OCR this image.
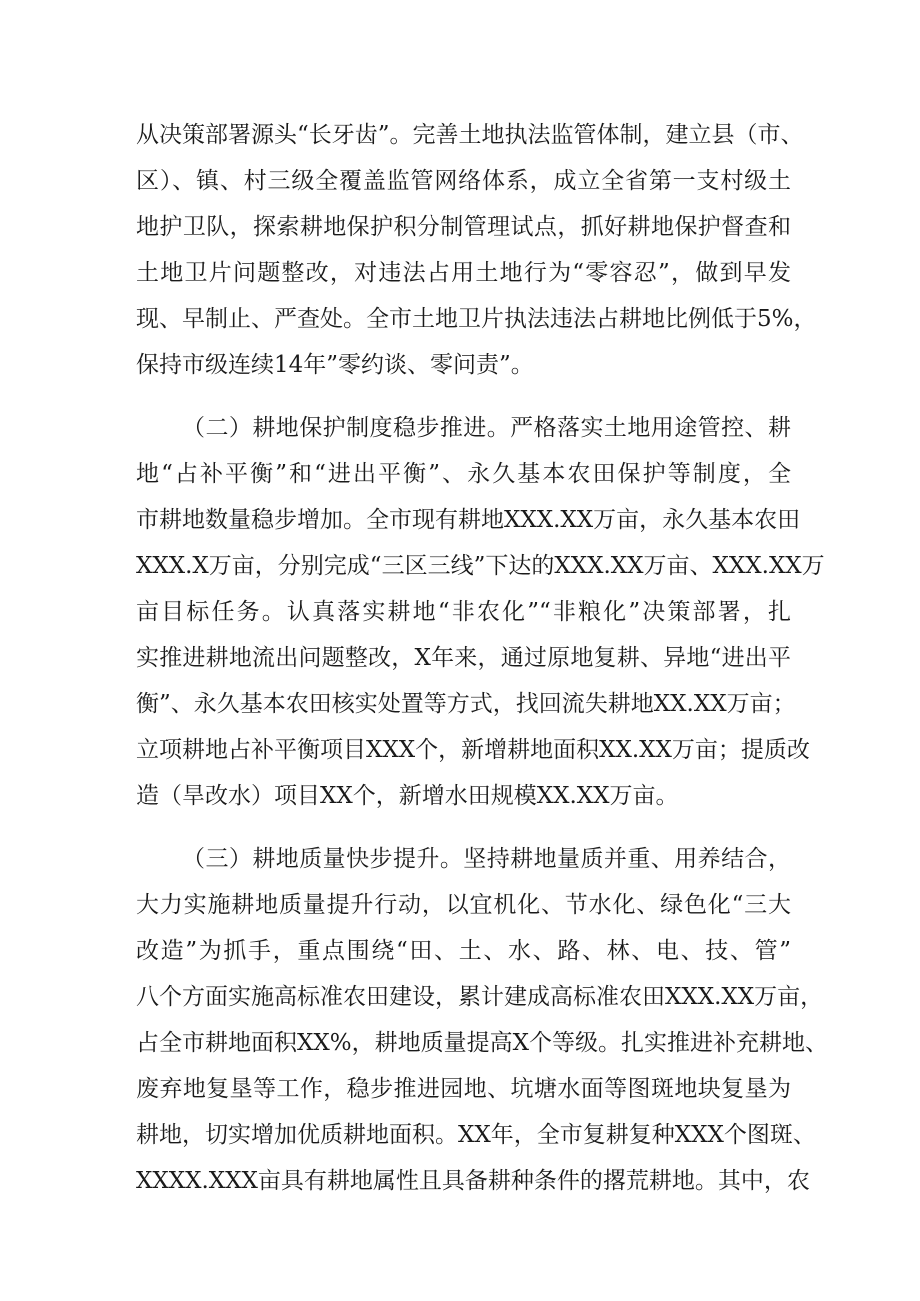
从决策部署源头“长牙齿”。完善土地执法监管体制，建立县（市、
区）、镇、村三级全覆盖监管网络体系，成立全省第一支村级土
地护卫队，探索耕地保护积分制管理试点，抓好耕地保护督查和
土地卫片问题整改，对违法占用土地行为“零容忍”，做到早发
现、早制止、严查处。全市土地卫片执法违法占耕地比例低于5%，
保持市级连续14年”零约谈、零问责”。
（二）耕地保护制度稳步推进。严格落实土地用途管控、耕
地“占补平衡”和“进出平衡”、永久基本农田保护等制度，全
市耕地数量稳步增加。全市现有耕地XXX.XX万亩，永久基本农田
XXX.X万亩，分别完成“三区三线”下达的XXX.XX万亩、XXX.XX万
亩目标任务。认真落实耕地“非农化”“非粮化”决策部署，扎
实推进耕地流出问题整改，X年来，通过原地复耕、异地“进出平
衡”、永久基本农田核实处置等方式，找回流失耕地XX.XX万亩；
立项耕地占补平衡项目XXX个，新增耕地面积XX.XX万亩；提质改
造（旱改水）项目XX个，新增水田规模XX.XX万亩。
（三）耕地质量快步提升。坚持耕地量质并重、用养结合，
大力实施耕地质量提升行动，以宜机化、节水化、绿色化“三大
改造”为抓手，重点围绕“田、土、水、路、林、电、技、管”
八个方面实施高标准农田建设，累计建成高标准农田XXX.XX万亩，
占全市耕地面积XX%，耕地质量提高X个等级。扎实推进补充耕地、
废弃地复垦等工作，稳步推进园地、坑塘水面等图斑地块复垦为
耕地，切实增加优质耕地面积。XX年，全市复耕复种XXX个图斑、
XXXX.XXX亩具有耕地属性且具备耕种条件的撂荒耕地。其中，农
